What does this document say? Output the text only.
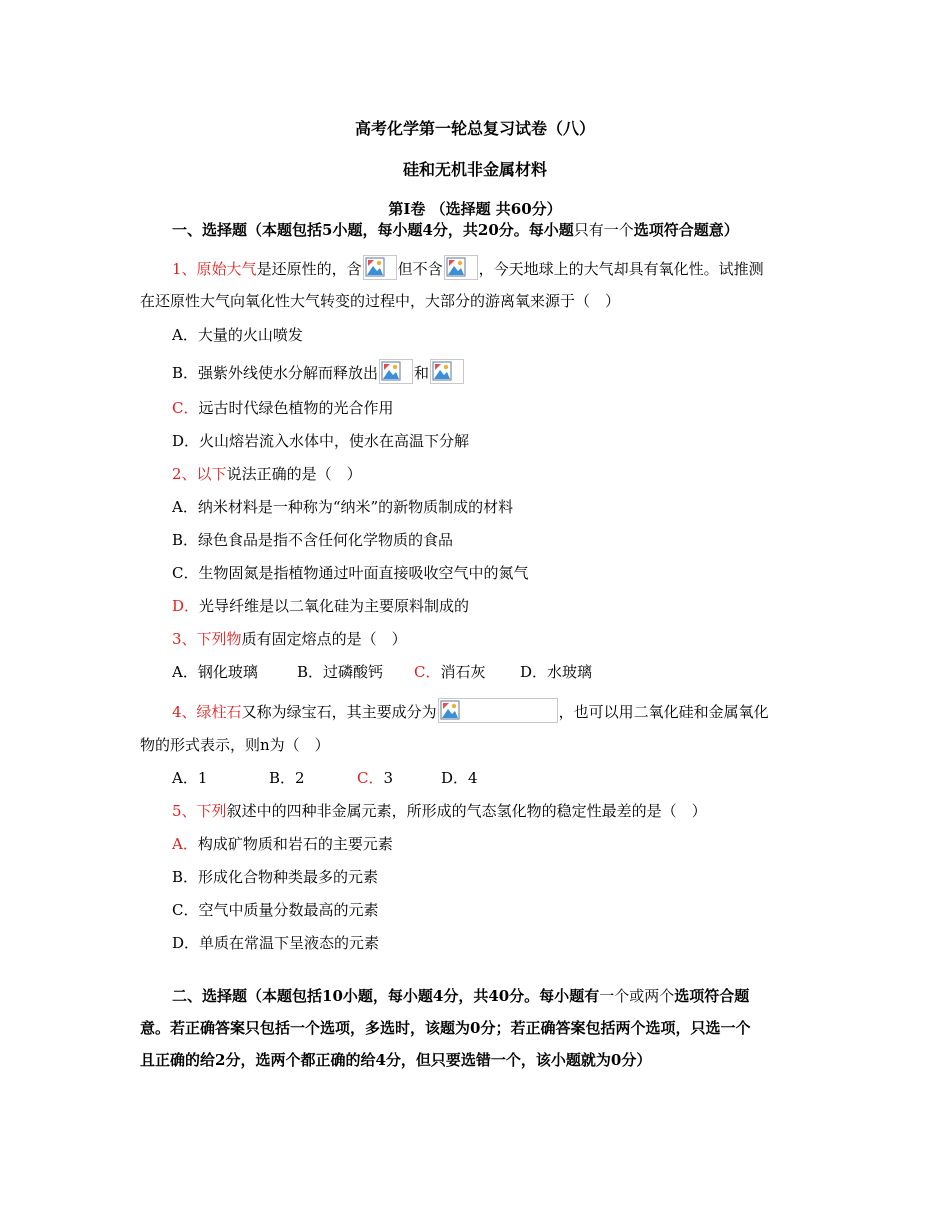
高考化学第一轮总复习试卷（八）
硅和无机非金属材料
第Ⅰ卷 （选择题 共60分）
一、选择题（本题包括5小题，每小题4分，共20分。每小题只有一个选项符合题意）
1、原始大气是还原性的，含 但不含 ，今天地球上的大气却具有氧化性。试推测
在还原性大气向氧化性大气转变的过程中，大部分的游离氧来源于（　）
A．大量的火山喷发
B．强紫外线使水分解而释放出 和
C．远古时代绿色植物的光合作用
D．火山熔岩流入水体中，使水在高温下分解
2、以下说法正确的是（　）
A．纳米材料是一种称为“纳米”的新物质制成的材料
B．绿色食品是指不含任何化学物质的食品
C．生物固氮是指植物通过叶面直接吸收空气中的氮气
D．光导纤维是以二氧化硅为主要原料制成的
3、下列物质有固定熔点的是（　）
A．钢化玻璃	B．过磷酸钙 C．消石灰 D．水玻璃
4、绿柱石又称为绿宝石，其主要成分为	，也可以用二氧化硅和金属氧化
物的形式表示，则n为（　）
A．1	B．2	C．3	D．4
5、下列叙述中的四种非金属元素，所形成的气态氢化物的稳定性最差的是（　）
A．构成矿物质和岩石的主要元素
B．形成化合物种类最多的元素
C．空气中质量分数最高的元素
D．单质在常温下呈液态的元素
二、选择题（本题包括10小题，每小题4分，共40分。每小题有一个或两个选项符合题
意。若正确答案只包括一个选项，多选时，该题为0分；若正确答案包括两个选项，只选一个
且正确的给2分，选两个都正确的给4分，但只要选错一个，该小题就为0分）
